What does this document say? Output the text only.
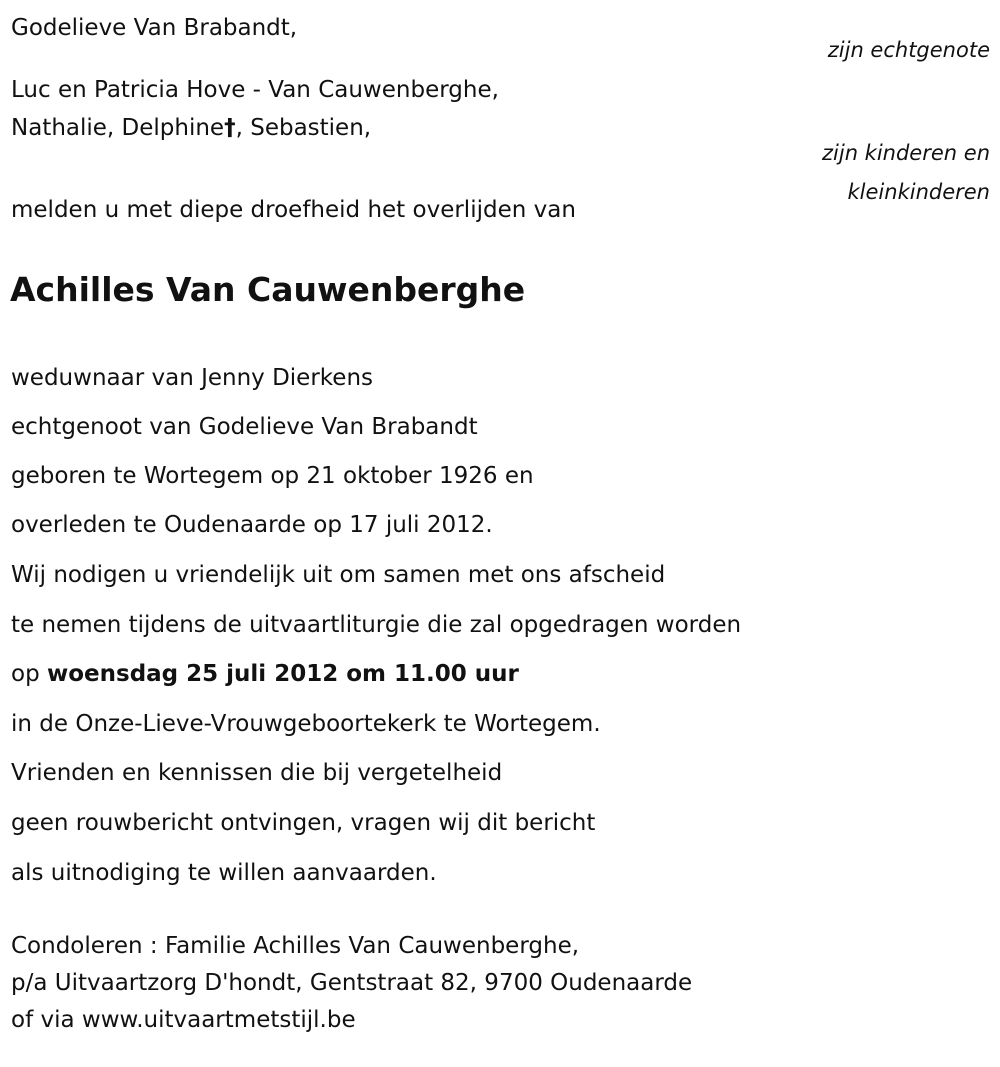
Godelieve Van Brabandt,
zijn echtgenote
Luc en Patricia Hove - Van Cauwenberghe,
Nathalie, Delphine†, Sebastien,
zijn kinderen en
kleinkinderen
melden u met diepe droefheid het overlijden van
Achilles Van Cauwenberghe
weduwnaar van Jenny Dierkens
echtgenoot van Godelieve Van Brabandt
geboren te Wortegem op 21 oktober 1926 en
overleden te Oudenaarde op 17 juli 2012.
Wij nodigen u vriendelijk uit om samen met ons afscheid
te nemen tijdens de uitvaartliturgie die zal opgedragen worden
op woensdag 25 juli 2012 om 11.00 uur
in de Onze-Lieve-Vrouwgeboortekerk te Wortegem.
Vrienden en kennissen die bij vergetelheid
geen rouwbericht ontvingen, vragen wij dit bericht
als uitnodiging te willen aanvaarden.
Condoleren : Familie Achilles Van Cauwenberghe,
p/a Uitvaartzorg D'hondt, Gentstraat 82, 9700 Oudenaarde
of via www.uitvaartmetstijl.be
